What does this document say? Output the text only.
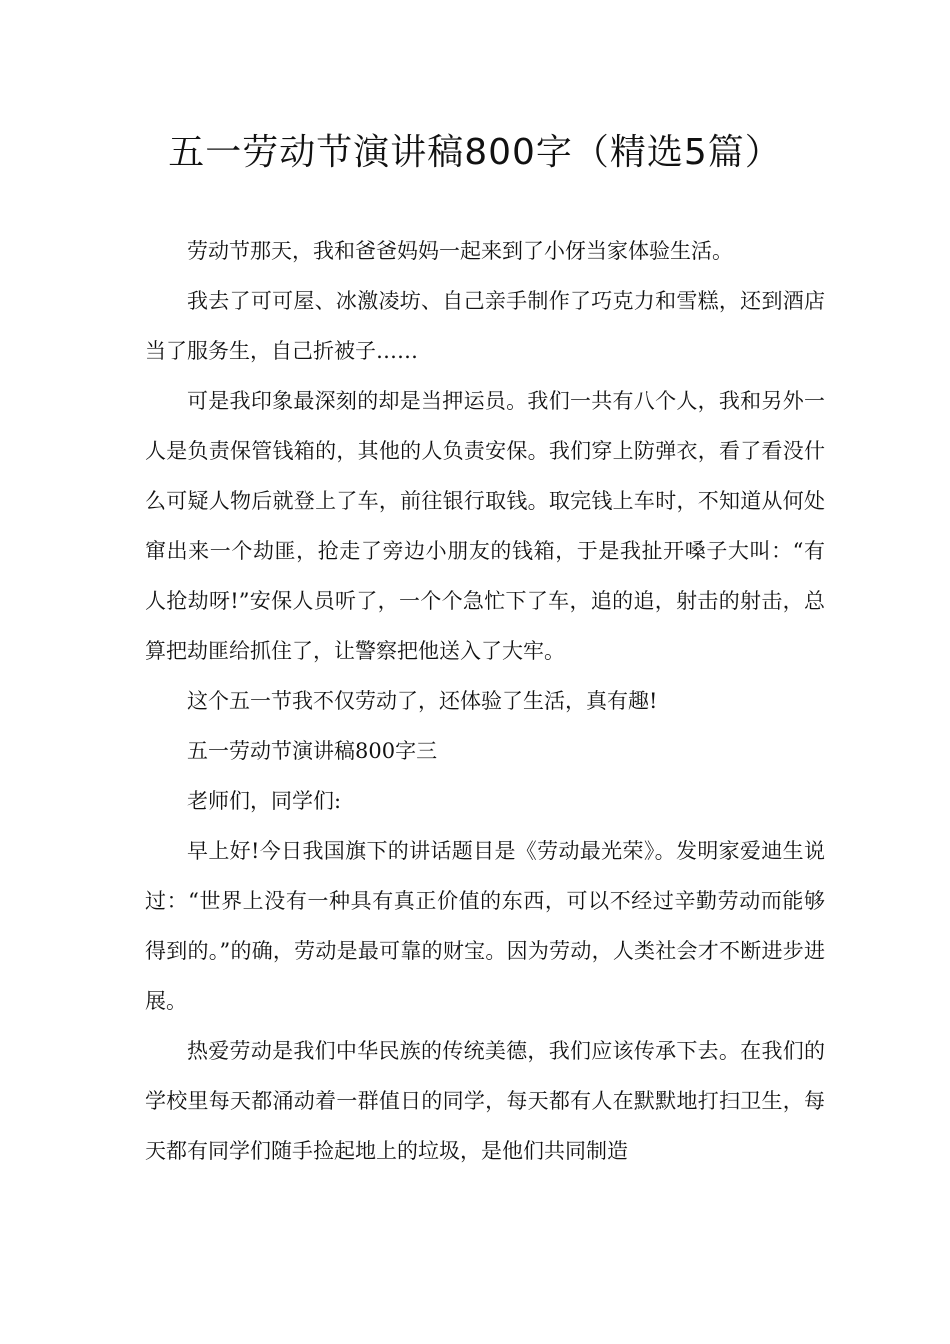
五一劳动节演讲稿800字（精选5篇）

劳动节那天，我和爸爸妈妈一起来到了小伢当家体验生活。

我去了可可屋、冰激凌坊、自己亲手制作了巧克力和雪糕，还到酒店当了服务生，自己折被子……

可是我印象最深刻的却是当押运员。我们一共有八个人，我和另外一人是负责保管钱箱的，其他的人负责安保。我们穿上防弹衣，看了看没什么可疑人物后就登上了车，前往银行取钱。取完钱上车时，不知道从何处窜出来一个劫匪，抢走了旁边小朋友的钱箱，于是我扯开嗓子大叫：“有人抢劫呀!”安保人员听了，一个个急忙下了车，追的追，射击的射击，总算把劫匪给抓住了，让警察把他送入了大牢。

这个五一节我不仅劳动了，还体验了生活，真有趣!

五一劳动节演讲稿800字三

老师们，同学们:

早上好!今日我国旗下的讲话题目是《劳动最光荣》。发明家爱迪生说过：“世界上没有一种具有真正价值的东西，可以不经过辛勤劳动而能够得到的。”的确，劳动是最可靠的财宝。因为劳动，人类社会才不断进步进展。

热爱劳动是我们中华民族的传统美德，我们应该传承下去。在我们的学校里每天都涌动着一群值日的同学，每天都有人在默默地打扫卫生，每天都有同学们随手捡起地上的垃圾，是他们共同制造
